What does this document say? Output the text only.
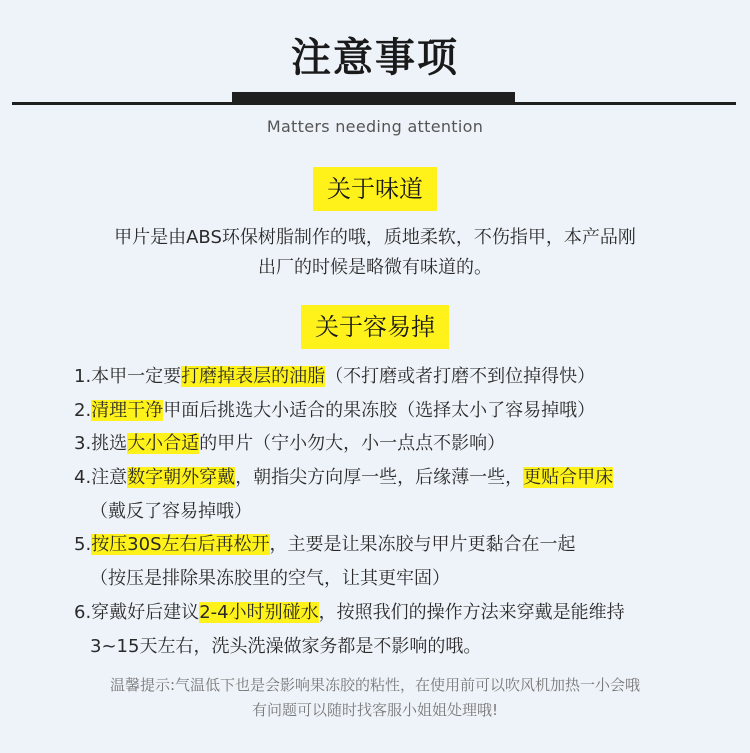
注意事项
Matters needing attention
关于味道
甲片是由ABS环保树脂制作的哦，质地柔软，不伤指甲，本产品刚
出厂的时候是略微有味道的。
关于容易掉
1.本甲一定要打磨掉表层的油脂（不打磨或者打磨不到位掉得快）
2.清理干净甲面后挑选大小适合的果冻胶（选择太小了容易掉哦）
3.挑选大小合适的甲片（宁小勿大，小一点点不影响）
4.注意数字朝外穿戴，朝指尖方向厚一些，后缘薄一些，更贴合甲床
（戴反了容易掉哦）
5.按压30S左右后再松开，主要是让果冻胶与甲片更黏合在一起
（按压是排除果冻胶里的空气，让其更牢固）
6.穿戴好后建议2-4小时别碰水，按照我们的操作方法来穿戴是能维持
3~15天左右，洗头洗澡做家务都是不影响的哦。
温馨提示:气温低下也是会影响果冻胶的粘性，在使用前可以吹风机加热一小会哦
有问题可以随时找客服小姐姐处理哦!
